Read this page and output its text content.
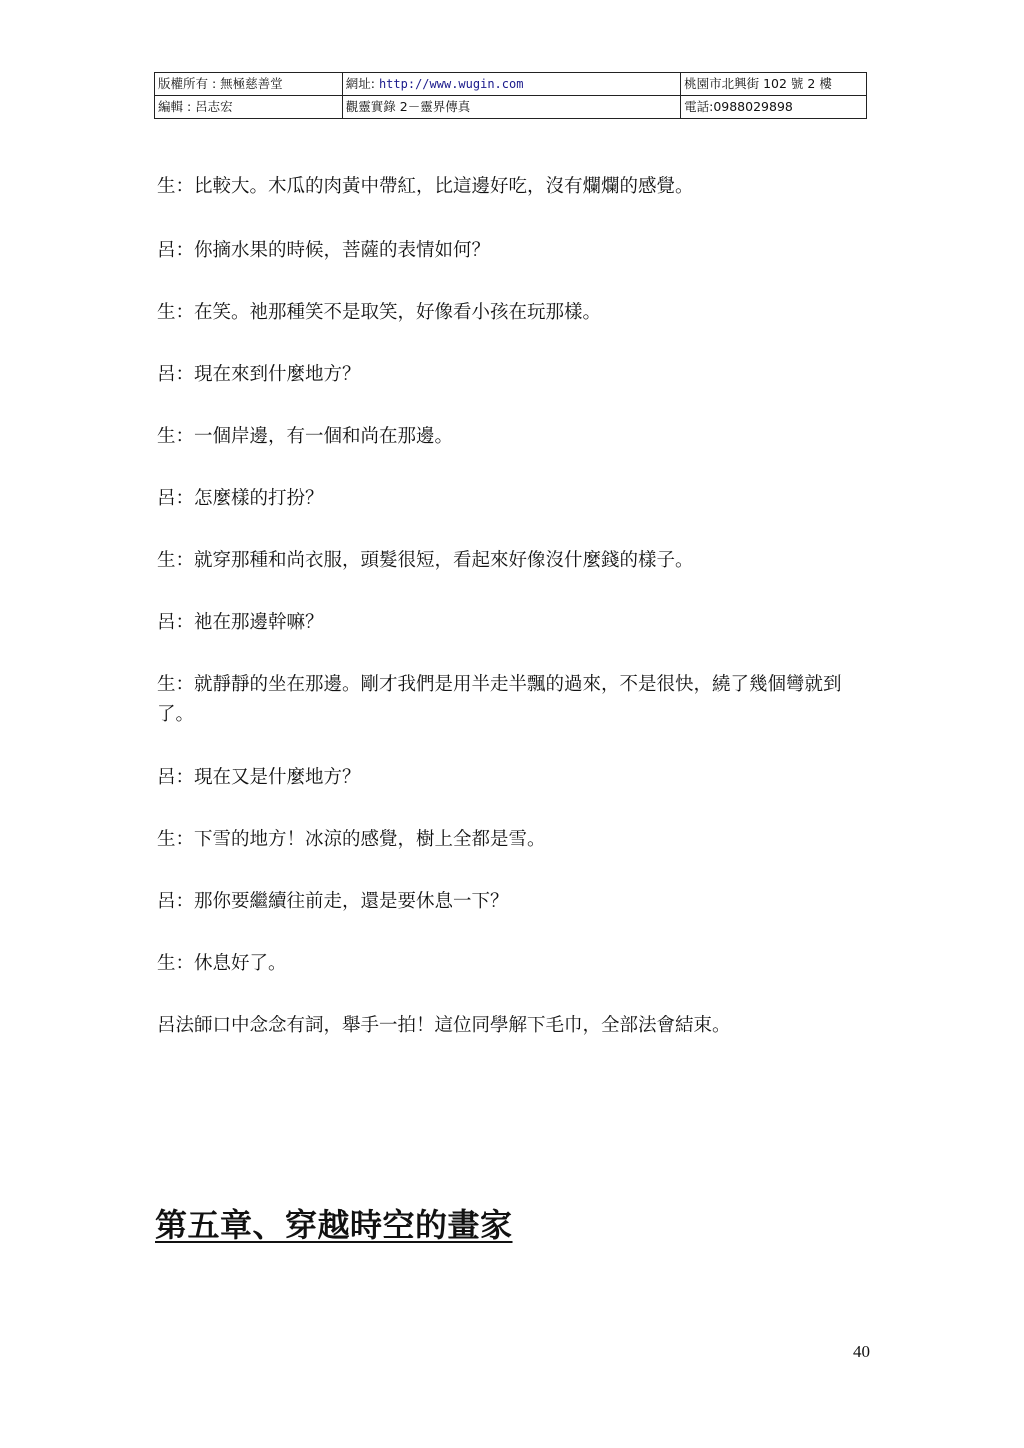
版權所有 : 無極慈善堂	網址: http://www.wugin.com	桃園市北興街 102 號 2 樓
編輯 : 呂志宏	觀靈實錄 2－靈界傳真	電話:0988029898

生：比較大。木瓜的肉黃中帶紅，比這邊好吃，沒有爛爛的感覺。

呂：你摘水果的時候，菩薩的表情如何？

生：在笑。祂那種笑不是取笑，好像看小孩在玩那樣。

呂：現在來到什麼地方？

生：一個岸邊，有一個和尚在那邊。

呂：怎麼樣的打扮？

生：就穿那種和尚衣服，頭髮很短，看起來好像沒什麼錢的樣子。

呂：祂在那邊幹嘛？

生：就靜靜的坐在那邊。剛才我們是用半走半飄的過來，不是很快，繞了幾個彎就到了。

呂：現在又是什麼地方？

生：下雪的地方！冰涼的感覺，樹上全都是雪。

呂：那你要繼續往前走，還是要休息一下？

生：休息好了。

呂法師口中念念有詞，舉手一拍！這位同學解下毛巾，全部法會結束。

第五章、穿越時空的畫家
40
